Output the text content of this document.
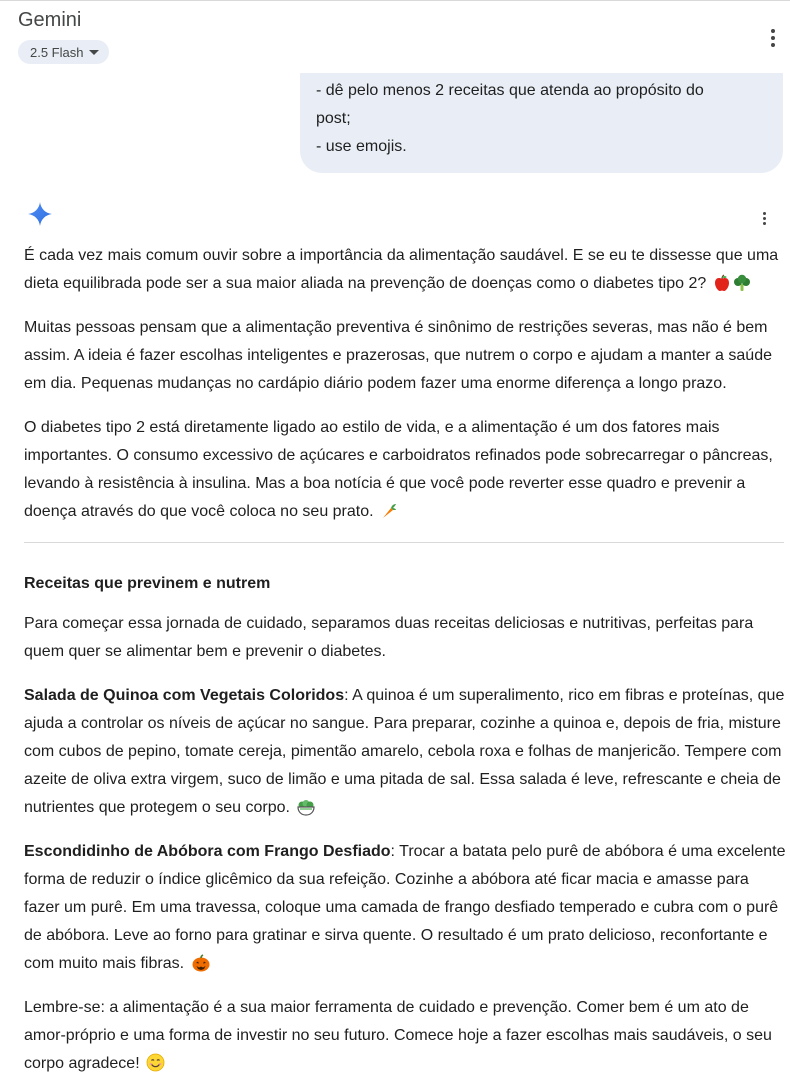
Gemini
2.5 Flash

- dê pelo menos 2 receitas que atenda ao propósito do

post;

- use emojis.

É cada vez mais comum ouvir sobre a importância da alimentação saudável. E se eu te dissesse que uma dieta equilibrada pode ser a sua maior aliada na prevenção de doenças como o diabetes tipo 2?

Muitas pessoas pensam que a alimentação preventiva é sinônimo de restrições severas, mas não é bem assim. A ideia é fazer escolhas inteligentes e prazerosas, que nutrem o corpo e ajudam a manter a saúde em dia. Pequenas mudanças no cardápio diário podem fazer uma enorme diferença a longo prazo.

O diabetes tipo 2 está diretamente ligado ao estilo de vida, e a alimentação é um dos fatores mais importantes. O consumo excessivo de açúcares e carboidratos refinados pode sobrecarregar o pâncreas, levando à resistência à insulina. Mas a boa notícia é que você pode reverter esse quadro e prevenir a doença através do que você coloca no seu prato.

Receitas que previnem e nutrem

Para começar essa jornada de cuidado, separamos duas receitas deliciosas e nutritivas, perfeitas para quem quer se alimentar bem e prevenir o diabetes.

Salada de Quinoa com Vegetais Coloridos: A quinoa é um superalimento, rico em fibras e proteínas, que ajuda a controlar os níveis de açúcar no sangue. Para preparar, cozinhe a quinoa e, depois de fria, misture com cubos de pepino, tomate cereja, pimentão amarelo, cebola roxa e folhas de manjericão. Tempere com azeite de oliva extra virgem, suco de limão e uma pitada de sal. Essa salada é leve, refrescante e cheia de nutrientes que protegem o seu corpo.

Escondidinho de Abóbora com Frango Desfiado: Trocar a batata pelo purê de abóbora é uma excelente forma de reduzir o índice glicêmico da sua refeição. Cozinhe a abóbora até ficar macia e amasse para fazer um purê. Em uma travessa, coloque uma camada de frango desfiado temperado e cubra com o purê de abóbora. Leve ao forno para gratinar e sirva quente. O resultado é um prato delicioso, reconfortante e com muito mais fibras.

Lembre-se: a alimentação é a sua maior ferramenta de cuidado e prevenção. Comer bem é um ato de amor-próprio e uma forma de investir no seu futuro. Comece hoje a fazer escolhas mais saudáveis, o seu corpo agradece!
